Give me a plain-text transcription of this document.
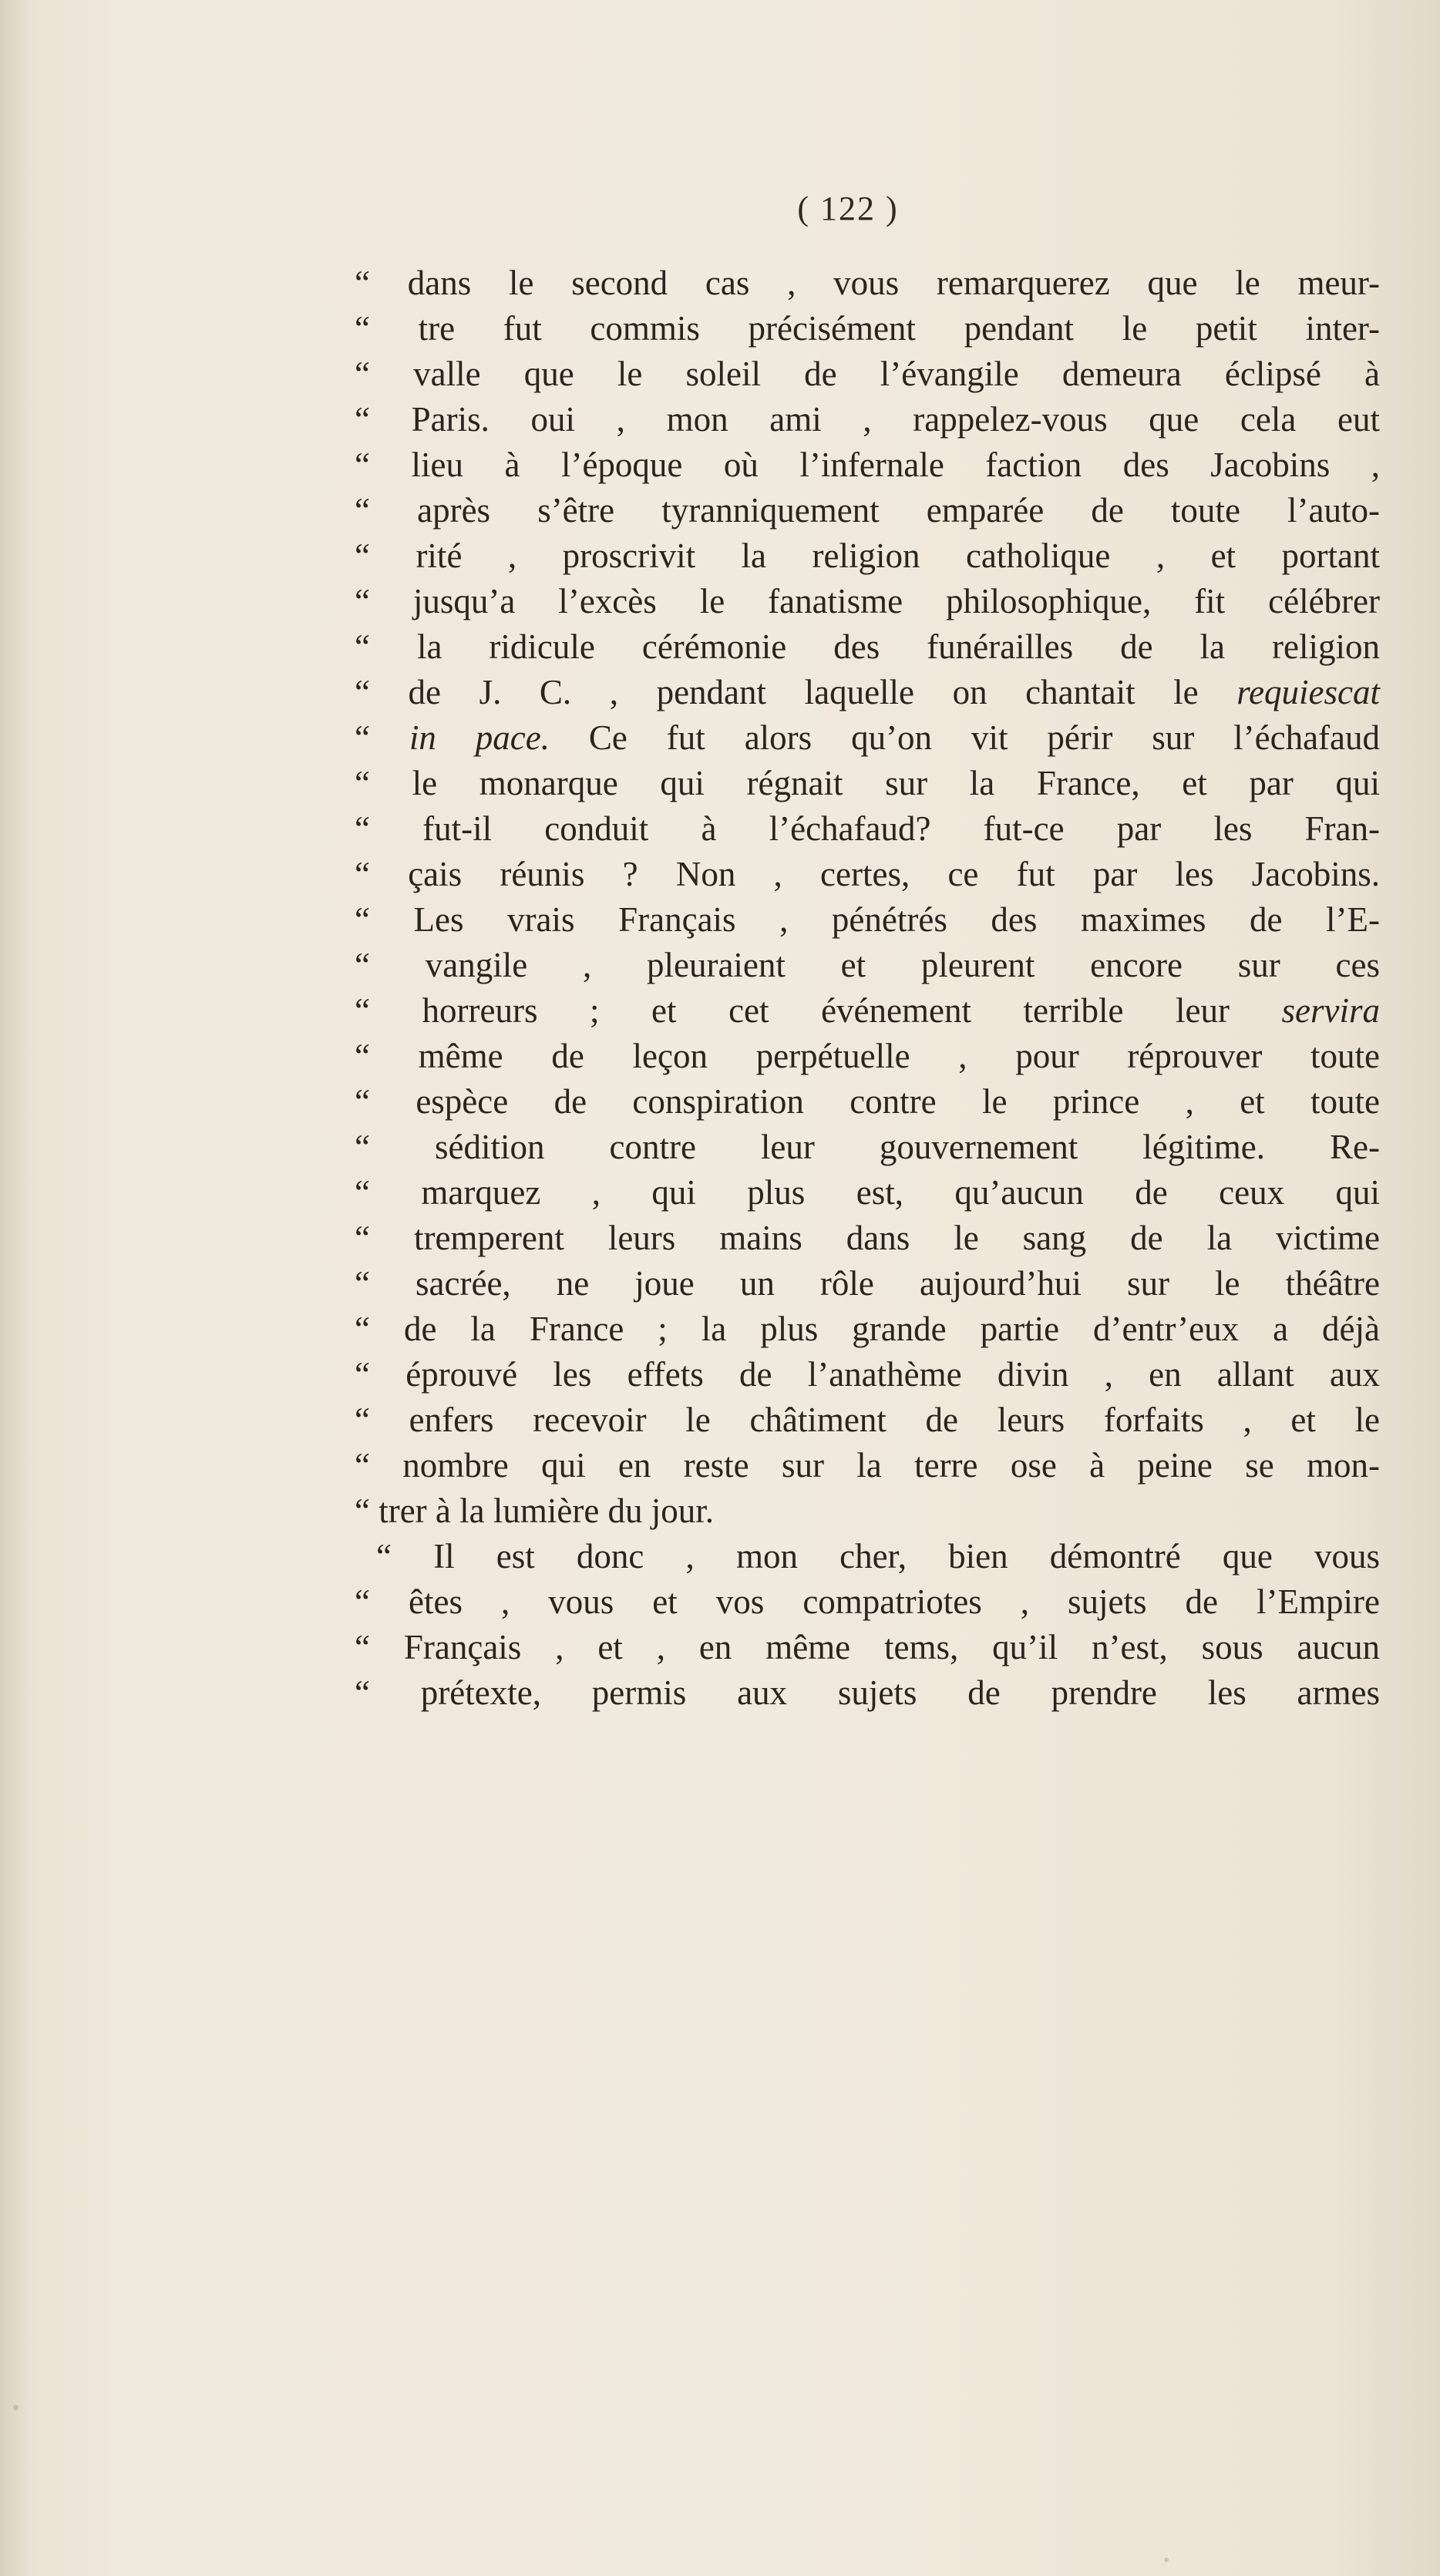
( 122 )
“ dans le second cas , vous remarquerez que le meur-
“ tre fut commis précisément pendant le petit inter-
“ valle que le soleil de l’évangile demeura éclipsé à
“ Paris. oui , mon ami , rappelez-vous que cela eut
“ lieu à l’époque où l’infernale faction des Jacobins ,
“ après s’être tyranniquement emparée de toute l’auto-
“ rité , proscrivit la religion catholique , et portant
“ jusqu’a l’excès le fanatisme philosophique, fit célébrer
“ la ridicule cérémonie des funérailles de la religion
“ de J. C. , pendant laquelle on chantait le requiescat
“ in pace. Ce fut alors qu’on vit périr sur l’échafaud
“ le monarque qui régnait sur la France, et par qui
“ fut-il conduit à l’échafaud? fut-ce par les Fran-
“ çais réunis ? Non , certes, ce fut par les Jacobins.
“ Les vrais Français , pénétrés des maximes de l’E-
“ vangile , pleuraient et pleurent encore sur ces
“ horreurs ; et cet événement terrible leur servira
“ même de leçon perpétuelle , pour réprouver toute
“ espèce de conspiration contre le prince , et toute
“ sédition contre leur gouvernement légitime. Re-
“ marquez , qui plus est, qu’aucun de ceux qui
“ tremperent leurs mains dans le sang de la victime
“ sacrée, ne joue un rôle aujourd’hui sur le théâtre
“ de la France ; la plus grande partie d’entr’eux a déjà
“ éprouvé les effets de l’anathème divin , en allant aux
“ enfers recevoir le châtiment de leurs forfaits , et le
“ nombre qui en reste sur la terre ose à peine se mon-
“ trer à la lumière du jour.
“ Il est donc , mon cher, bien démontré que vous
“ êtes , vous et vos compatriotes , sujets de l’Empire
“ Français , et , en même tems, qu’il n’est, sous aucun
“ prétexte, permis aux sujets de prendre les armes
